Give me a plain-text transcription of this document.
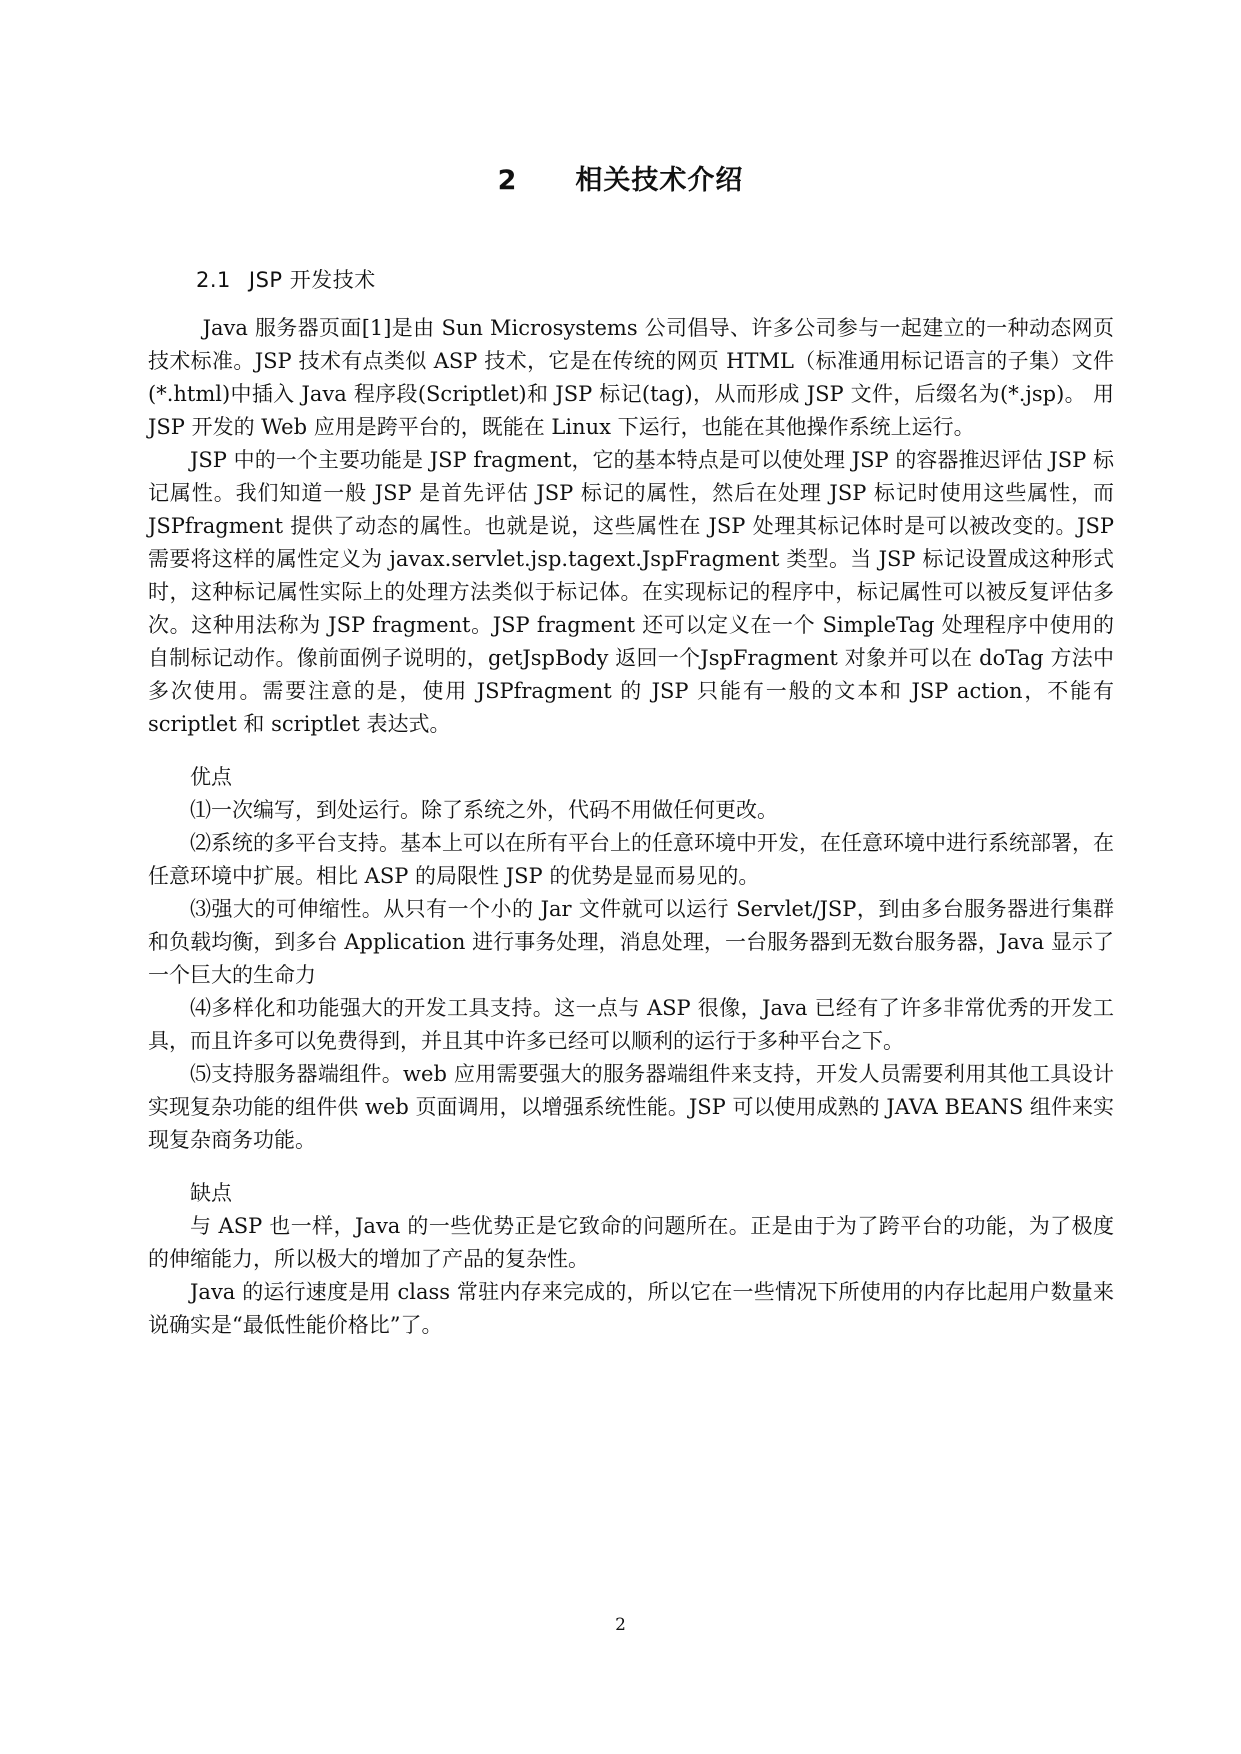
2 相关技术介绍
2.1 JSP 开发技术

Java 服务器页面[1]是由 Sun Microsystems 公司倡导、许多公司参与一起建立的一种动态网页技术标准。JSP 技术有点类似 ASP 技术，它是在传统的网页 HTML（标准通用标记语言的子集）文件(*.html)中插入 Java 程序段(Scriptlet)和 JSP 标记(tag)，从而形成 JSP 文件，后缀名为(*.jsp)。 用 JSP 开发的 Web 应用是跨平台的，既能在 Linux 下运行，也能在其他操作系统上运行。

JSP 中的一个主要功能是 JSP fragment，它的基本特点是可以使处理 JSP 的容器推迟评估 JSP 标记属性。我们知道一般 JSP 是首先评估 JSP 标记的属性，然后在处理 JSP 标记时使用这些属性，而 JSPfragment 提供了动态的属性。也就是说，这些属性在 JSP 处理其标记体时是可以被改变的。JSP 需要将这样的属性定义为 javax.servlet.jsp.tagext.JspFragment 类型。当 JSP 标记设置成这种形式时，这种标记属性实际上的处理方法类似于标记体。在实现标记的程序中，标记属性可以被反复评估多次。这种用法称为 JSP fragment。JSP fragment 还可以定义在一个 SimpleTag 处理程序中使用的自制标记动作。像前面例子说明的，getJspBody 返回一个JspFragment 对象并可以在 doTag 方法中多次使用。需要注意的是，使用 JSPfragment 的 JSP 只能有一般的文本和 JSP action，不能有 scriptlet 和 scriptlet 表达式。

优点

⑴一次编写，到处运行。除了系统之外，代码不用做任何更改。

⑵系统的多平台支持。基本上可以在所有平台上的任意环境中开发，在任意环境中进行系统部署，在任意环境中扩展。相比 ASP 的局限性 JSP 的优势是显而易见的。

⑶强大的可伸缩性。从只有一个小的 Jar 文件就可以运行 Servlet/JSP，到由多台服务器进行集群和负载均衡，到多台 Application 进行事务处理，消息处理，一台服务器到无数台服务器，Java 显示了一个巨大的生命力

⑷多样化和功能强大的开发工具支持。这一点与 ASP 很像，Java 已经有了许多非常优秀的开发工具，而且许多可以免费得到，并且其中许多已经可以顺利的运行于多种平台之下。

⑸支持服务器端组件。web 应用需要强大的服务器端组件来支持，开发人员需要利用其他工具设计实现复杂功能的组件供 web 页面调用，以增强系统性能。JSP 可以使用成熟的 JAVA BEANS 组件来实现复杂商务功能。

缺点

与 ASP 也一样，Java 的一些优势正是它致命的问题所在。正是由于为了跨平台的功能，为了极度的伸缩能力，所以极大的增加了产品的复杂性。

Java 的运行速度是用 class 常驻内存来完成的，所以它在一些情况下所使用的内存比起用户数量来说确实是“最低性能价格比”了。

2
